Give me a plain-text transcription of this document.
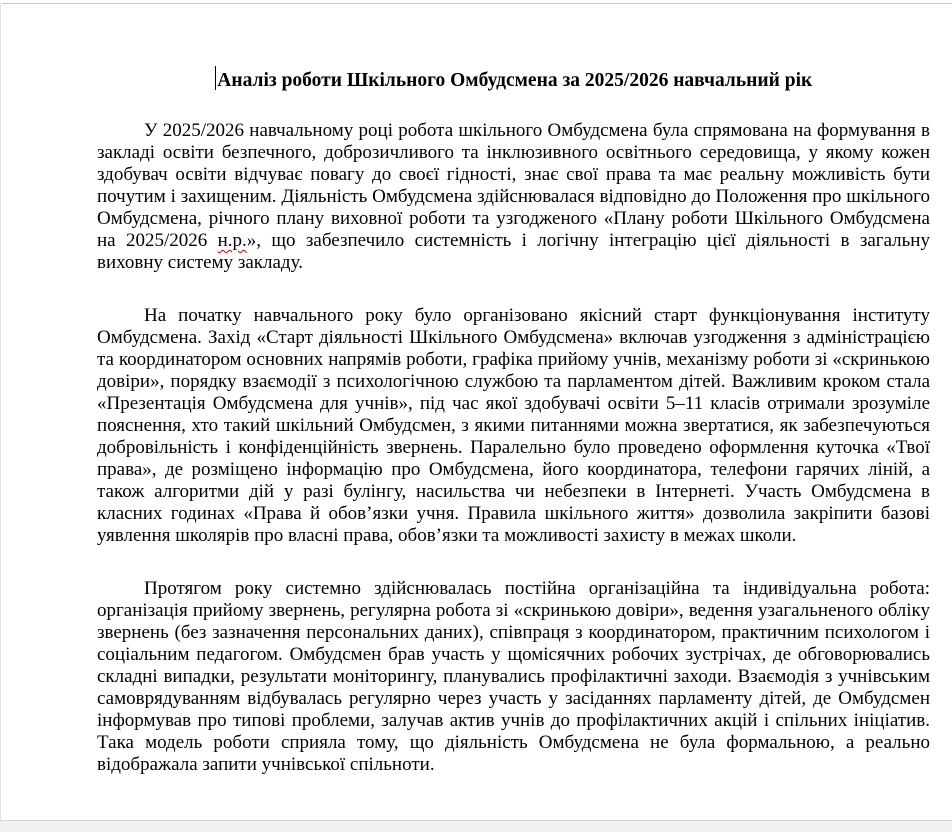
Аналіз роботи Шкільного Омбудсмена за 2025/2026 навчальний рік

У 2025/2026 навчальному році робота шкільного Омбудсмена була спрямована на формування в закладі освіти безпечного, доброзичливого та інклюзивного освітнього середовища, у якому кожен здобувач освіти відчуває повагу до своєї гідності, знає свої права та має реальну можливість бути почутим і захищеним. Діяльність Омбудсмена здійснювалася відповідно до Положення про шкільного Омбудсмена, річного плану виховної роботи та узгодженого «Плану роботи Шкільного Омбудсмена на 2025/2026 н.р.», що забезпечило системність і логічну інтеграцію цієї діяльності в загальну виховну систему закладу.

На початку навчального року було організовано якісний старт функціонування інституту Омбудсмена. Захід «Старт діяльності Шкільного Омбудсмена» включав узгодження з адміністрацією та координатором основних напрямів роботи, графіка прийому учнів, механізму роботи зі «скринькою довіри», порядку взаємодії з психологічною службою та парламентом дітей. Важливим кроком стала «Презентація Омбудсмена для учнів», під час якої здобувачі освіти 5–11 класів отримали зрозуміле пояснення, хто такий шкільний Омбудсмен, з якими питаннями можна звертатися, як забезпечуються добровільність і конфіденційність звернень. Паралельно було проведено оформлення куточка «Твої права», де розміщено інформацію про Омбудсмена, його координатора, телефони гарячих ліній, а також алгоритми дій у разі булінгу, насильства чи небезпеки в Інтернеті. Участь Омбудсмена в класних годинах «Права й обов’язки учня. Правила шкільного життя» дозволила закріпити базові уявлення школярів про власні права, обов’язки та можливості захисту в межах школи.

Протягом року системно здійснювалась постійна організаційна та індивідуальна робота: організація прийому звернень, регулярна робота зі «скринькою довіри», ведення узагальненого обліку звернень (без зазначення персональних даних), співпраця з координатором, практичним психологом і соціальним педагогом. Омбудсмен брав участь у щомісячних робочих зустрічах, де обговорювались складні випадки, результати моніторингу, планувались профілактичні заходи. Взаємодія з учнівським самоврядуванням відбувалась регулярно через участь у засіданнях парламенту дітей, де Омбудсмен інформував про типові проблеми, залучав актив учнів до профілактичних акцій і спільних ініціатив. Така модель роботи сприяла тому, що діяльність Омбудсмена не була формальною, а реально відображала запити учнівської спільноти.
